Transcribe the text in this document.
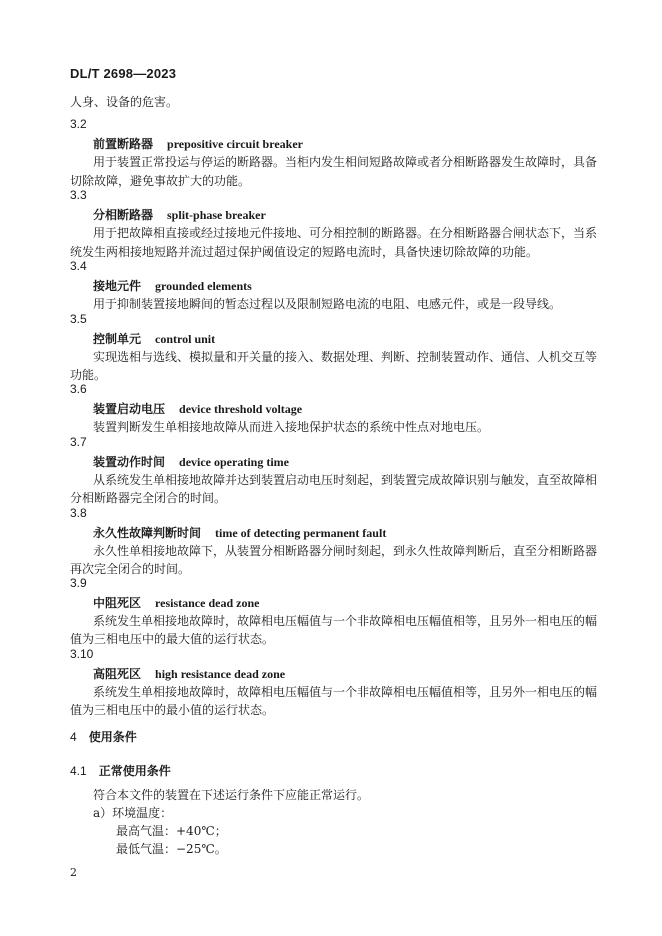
DL/T 2698—2023
人身、设备的危害。
3.2
前置断路器 prepositive circuit breaker
用于装置正常投运与停运的断路器。当柜内发生相间短路故障或者分相断路器发生故障时，具备
切除故障，避免事故扩大的功能。
3.3
分相断路器 split-phase breaker
用于把故障相直接或经过接地元件接地、可分相控制的断路器。在分相断路器合闸状态下，当系
统发生两相接地短路并流过超过保护阈值设定的短路电流时，具备快速切除故障的功能。
3.4
接地元件 grounded elements
用于抑制装置接地瞬间的暂态过程以及限制短路电流的电阻、电感元件，或是一段导线。
3.5
控制单元 control unit
实现选相与选线、模拟量和开关量的接入、数据处理、判断、控制装置动作、通信、人机交互等
功能。
3.6
装置启动电压 device threshold voltage
装置判断发生单相接地故障从而进入接地保护状态的系统中性点对地电压。
3.7
装置动作时间 device operating time
从系统发生单相接地故障并达到装置启动电压时刻起，到装置完成故障识别与触发，直至故障相
分相断路器完全闭合的时间。
3.8
永久性故障判断时间 time of detecting permanent fault
永久性单相接地故障下，从装置分相断路器分闸时刻起，到永久性故障判断后，直至分相断路器
再次完全闭合的时间。
3.9
中阻死区 resistance dead zone
系统发生单相接地故障时，故障相电压幅值与一个非故障相电压幅值相等，且另外一相电压的幅
值为三相电压中的最大值的运行状态。
3.10
高阻死区 high resistance dead zone
系统发生单相接地故障时，故障相电压幅值与一个非故障相电压幅值相等，且另外一相电压的幅
值为三相电压中的最小值的运行状态。
4 使用条件
4.1 正常使用条件
符合本文件的装置在下述运行条件下应能正常运行。
a）环境温度：
最高气温：+40℃；
最低气温：−25℃。
2
